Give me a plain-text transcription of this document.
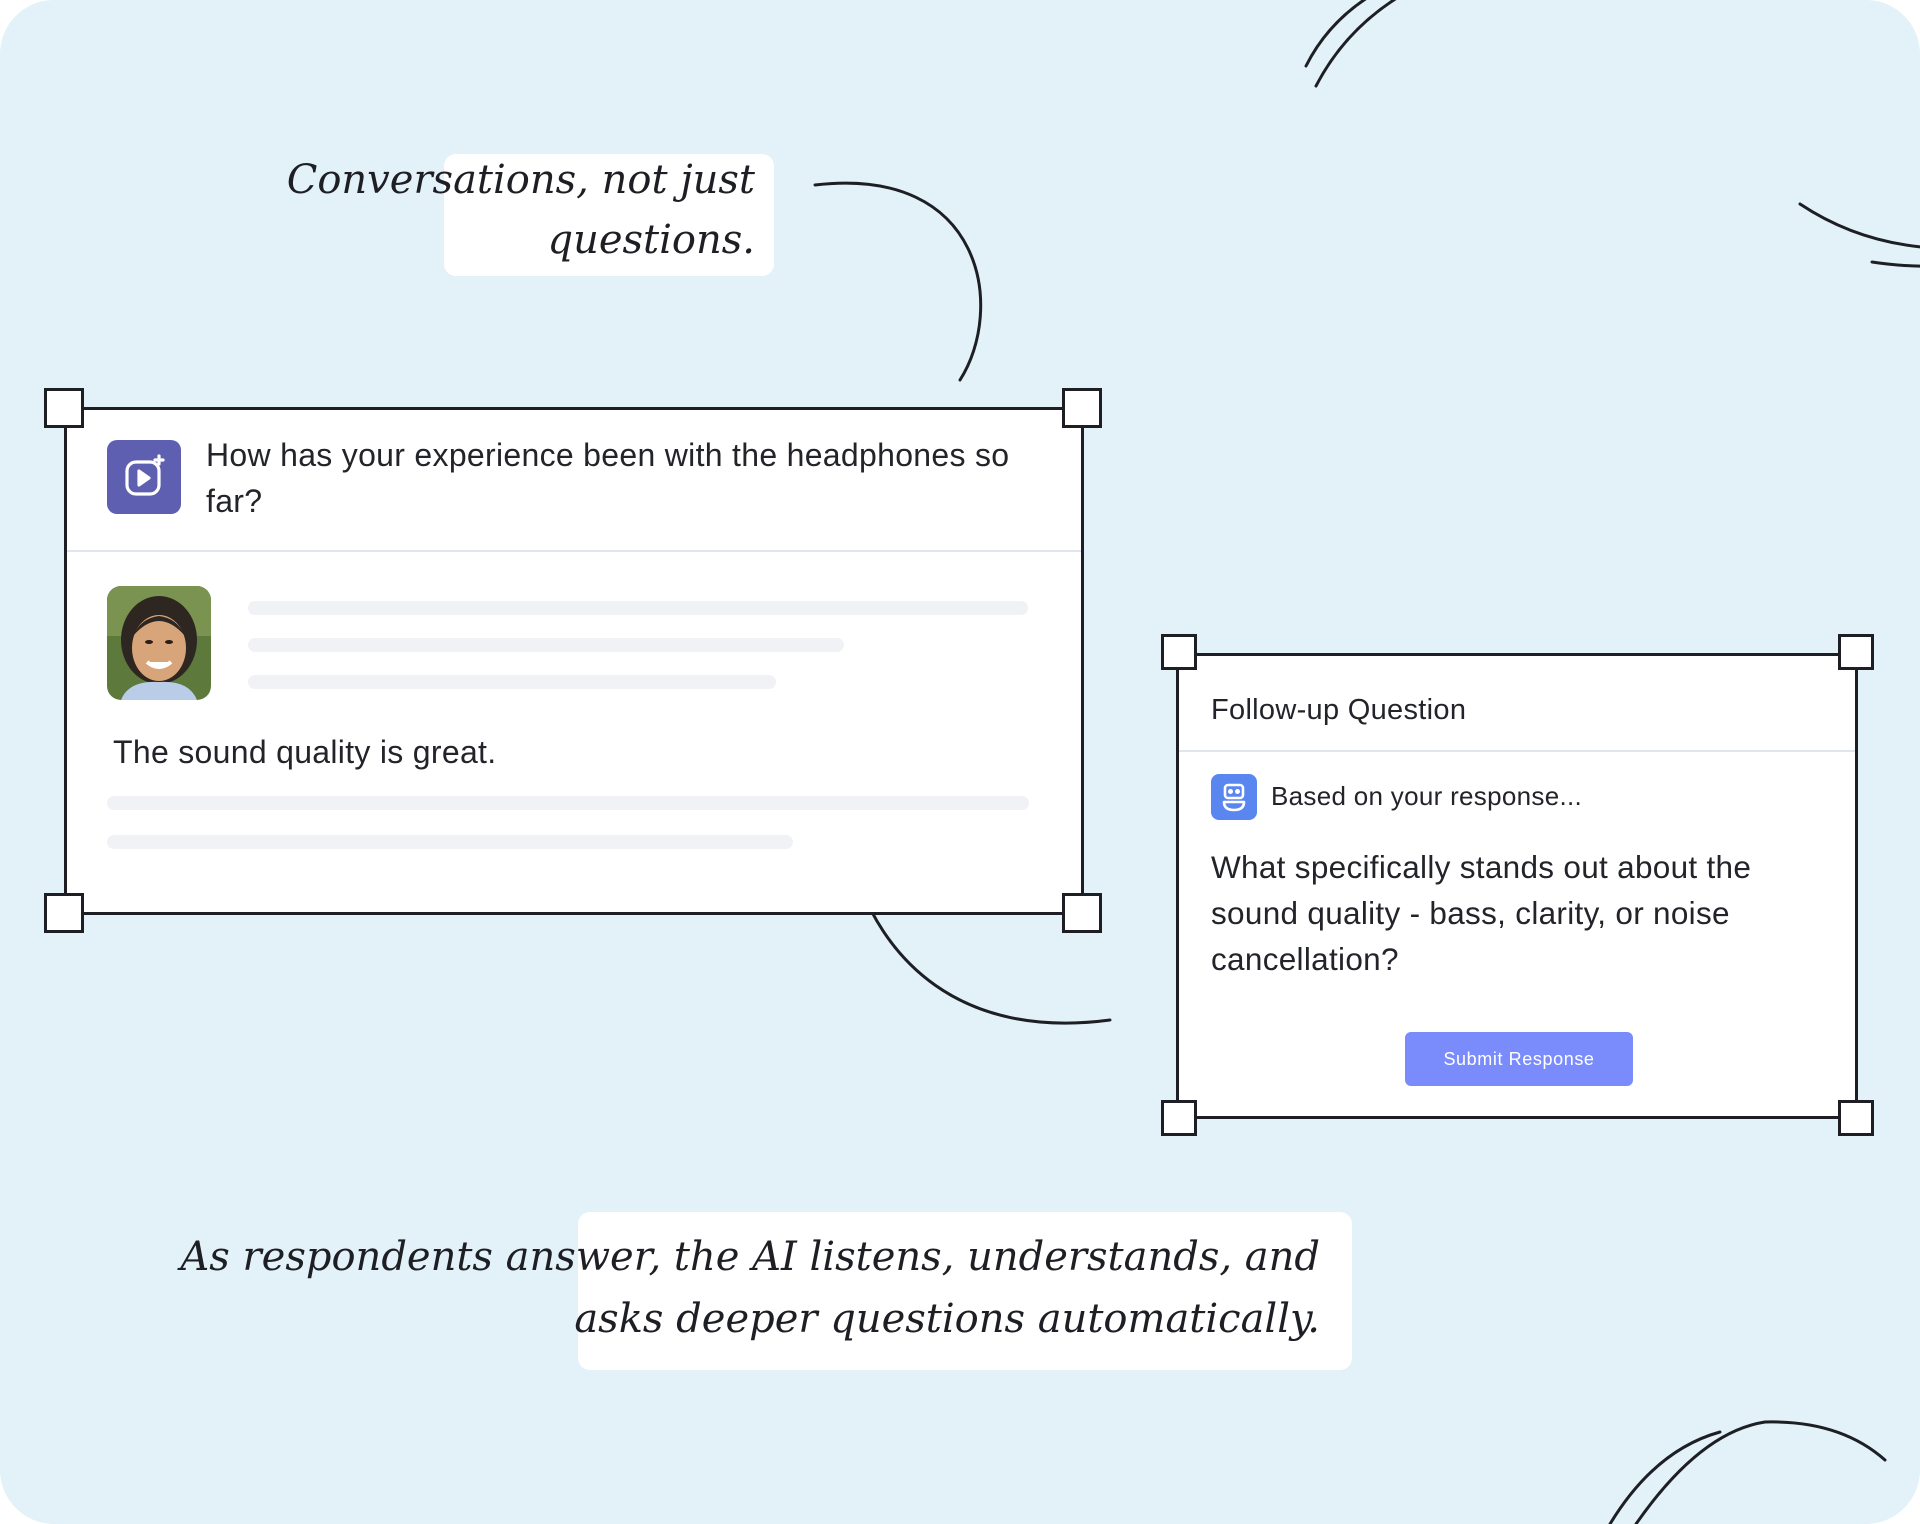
Conversations, not just
questions.
How has your experience been with the headphones so far?
The sound quality is great.
Follow-up Question
Based on your response...
What specifically stands out about the sound quality - bass, clarity, or noise cancellation?
Submit Response
As respondents answer, the AI listens, understands, and
asks deeper questions automatically.
